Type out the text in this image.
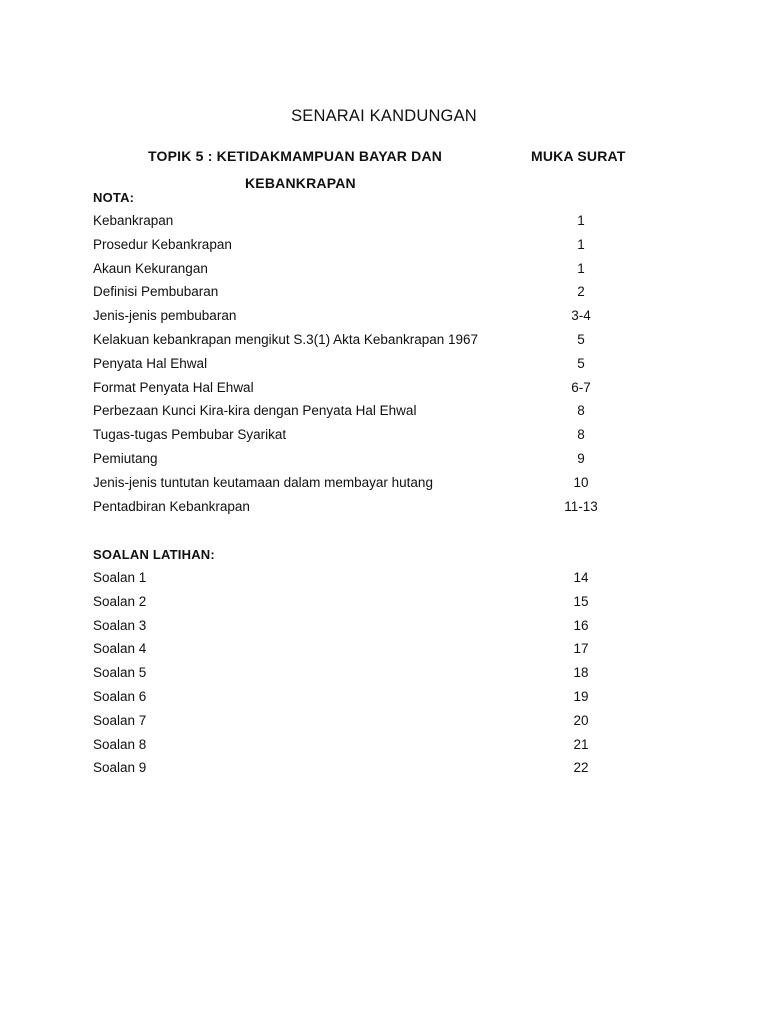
SENARAI KANDUNGAN
TOPIK 5 : KETIDAKMAMPUAN BAYAR DAN
KEBANKRAPAN
MUKA SURAT
NOTA:
Kebankrapan	1
Prosedur Kebankrapan	1
Akaun Kekurangan	1
Definisi Pembubaran	2
Jenis-jenis pembubaran	3-4
Kelakuan kebankrapan mengikut S.3(1) Akta Kebankrapan 1967	5
Penyata Hal Ehwal	5
Format Penyata Hal Ehwal	6-7
Perbezaan Kunci Kira-kira dengan Penyata Hal Ehwal	8
Tugas-tugas Pembubar Syarikat	8
Pemiutang	9
Jenis-jenis tuntutan keutamaan dalam membayar hutang	10
Pentadbiran Kebankrapan	11-13
SOALAN LATIHAN:
Soalan 1	14
Soalan 2	15
Soalan 3	16
Soalan 4	17
Soalan 5	18
Soalan 6	19
Soalan 7	20
Soalan 8	21
Soalan 9	22
